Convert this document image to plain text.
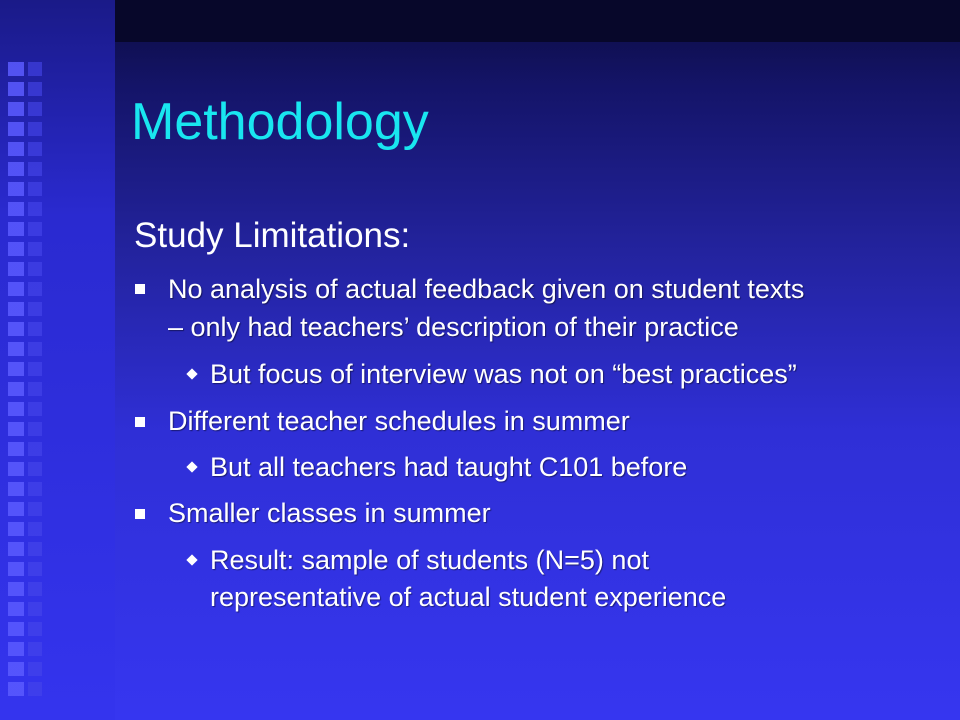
Methodology
Study Limitations:
No analysis of actual feedback given on student texts
– only had teachers’ description of their practice
But focus of interview was not on “best practices”
Different teacher schedules in summer
But all teachers had taught C101 before
Smaller classes in summer
Result: sample of students (N=5) not
representative of actual student experience
